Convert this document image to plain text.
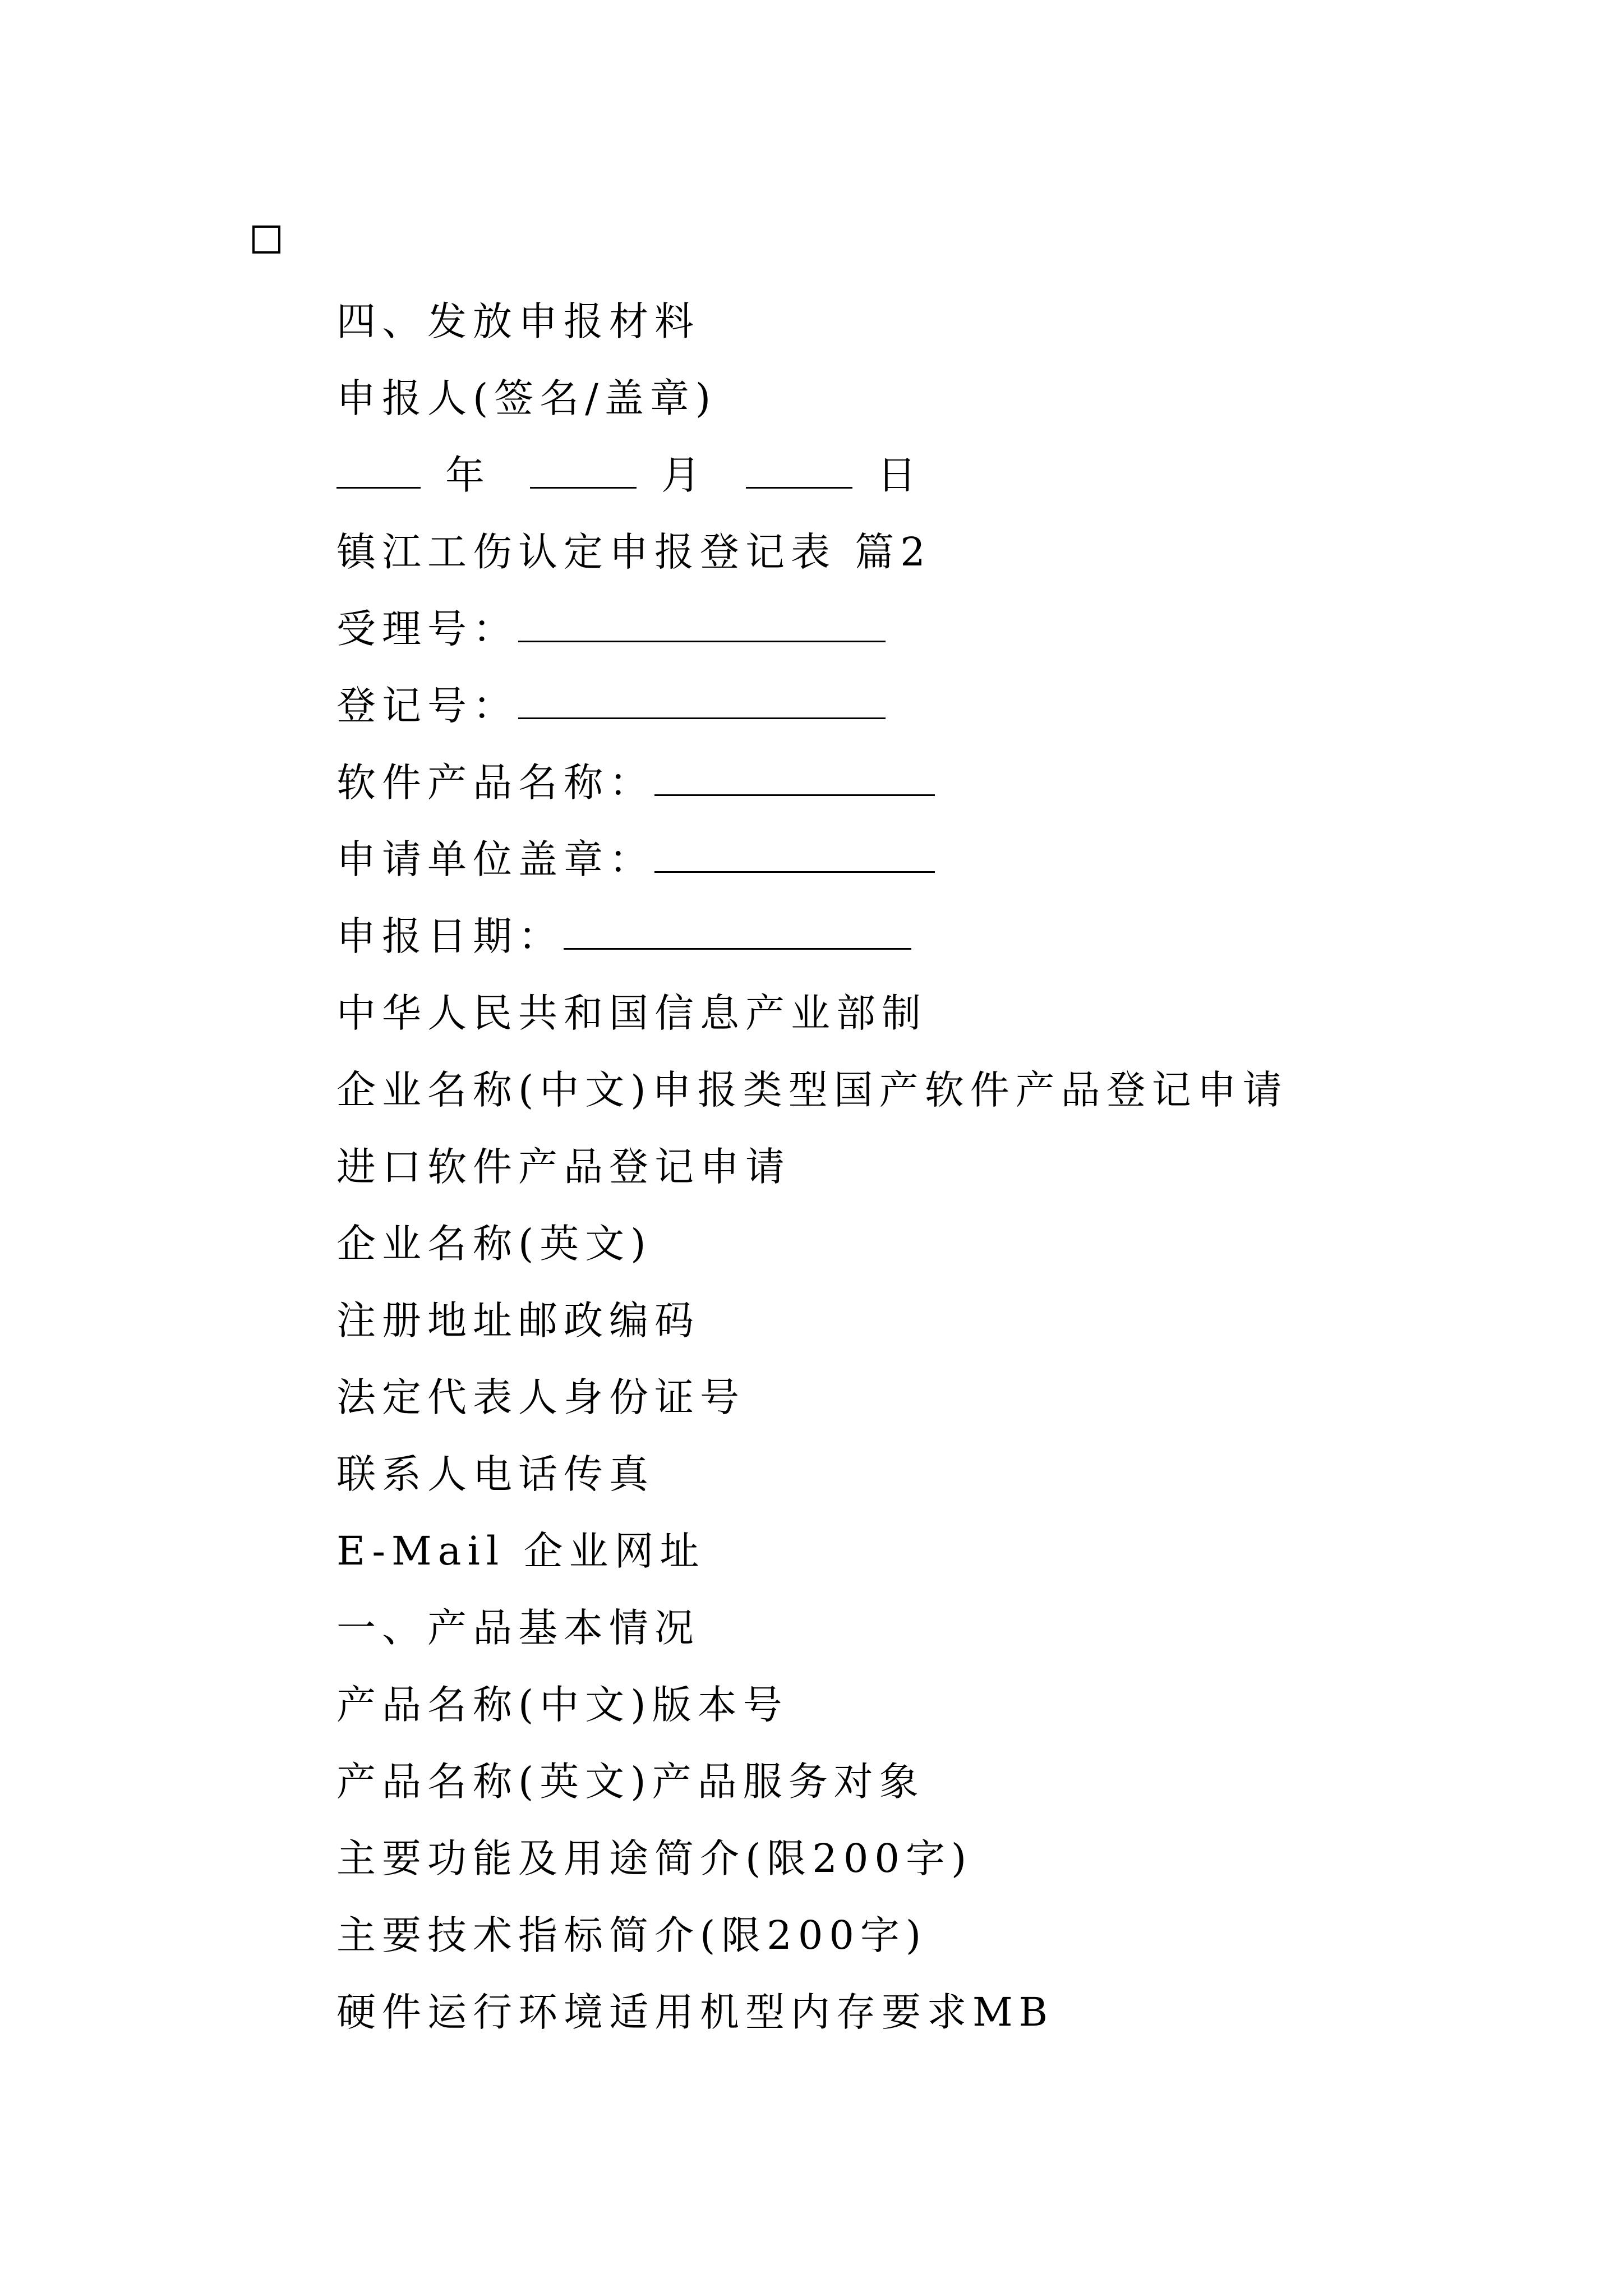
四、发放申报材料
申报人(签名/盖章)
年	月	日
镇江工伤认定申报登记表 篇2
受理号：
登记号：
软件产品名称：
申请单位盖章：
申报日期：
中华人民共和国信息产业部制
企业名称(中文)申报类型国产软件产品登记申请
进口软件产品登记申请
企业名称(英文)
注册地址邮政编码
法定代表人身份证号
联系人电话传真
E-Mail 企业网址
一、产品基本情况
产品名称(中文)版本号
产品名称(英文)产品服务对象
主要功能及用途简介(限200字)
主要技术指标简介(限200字)
硬件运行环境适用机型内存要求MB
